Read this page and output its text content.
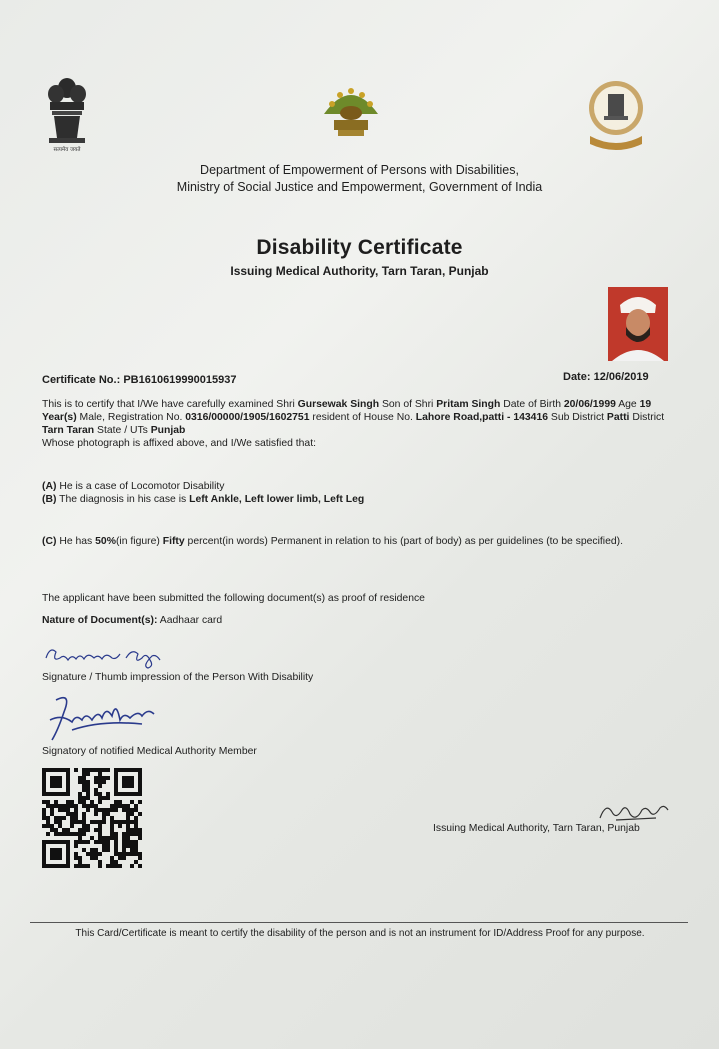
सत्यमेव जयते
Department of Empowerment of Persons with Disabilities,
Ministry of Social Justice and Empowerment, Government of India
Disability Certificate
Issuing Medical Authority, Tarn Taran, Punjab
Certificate No.: PB1610619990015937	Date: 12/06/2019
This is to certify that I/We have carefully examined Shri Gursewak Singh Son of Shri Pritam Singh Date of Birth 20/06/1999 Age 19 Year(s) Male, Registration No. 0316/00000/1905/1602751 resident of House No. Lahore Road,patti - 143416 Sub District Patti District Tarn Taran State / UTs Punjab
Whose photograph is affixed above, and I/We satisfied that:
(A) He is a case of Locomotor Disability
(B) The diagnosis in his case is Left Ankle, Left lower limb, Left Leg
(C) He has 50%(in figure) Fifty percent(in words) Permanent in relation to his (part of body) as per guidelines (to be specified).
The applicant have been submitted the following document(s) as proof of residence
Nature of Document(s): Aadhaar card
Signature / Thumb impression of the Person With Disability
Signatory of notified Medical Authority Member
Issuing Medical Authority, Tarn Taran, Punjab
This Card/Certificate is meant to certify the disability of the person and is not an instrument for ID/Address Proof for any purpose.
